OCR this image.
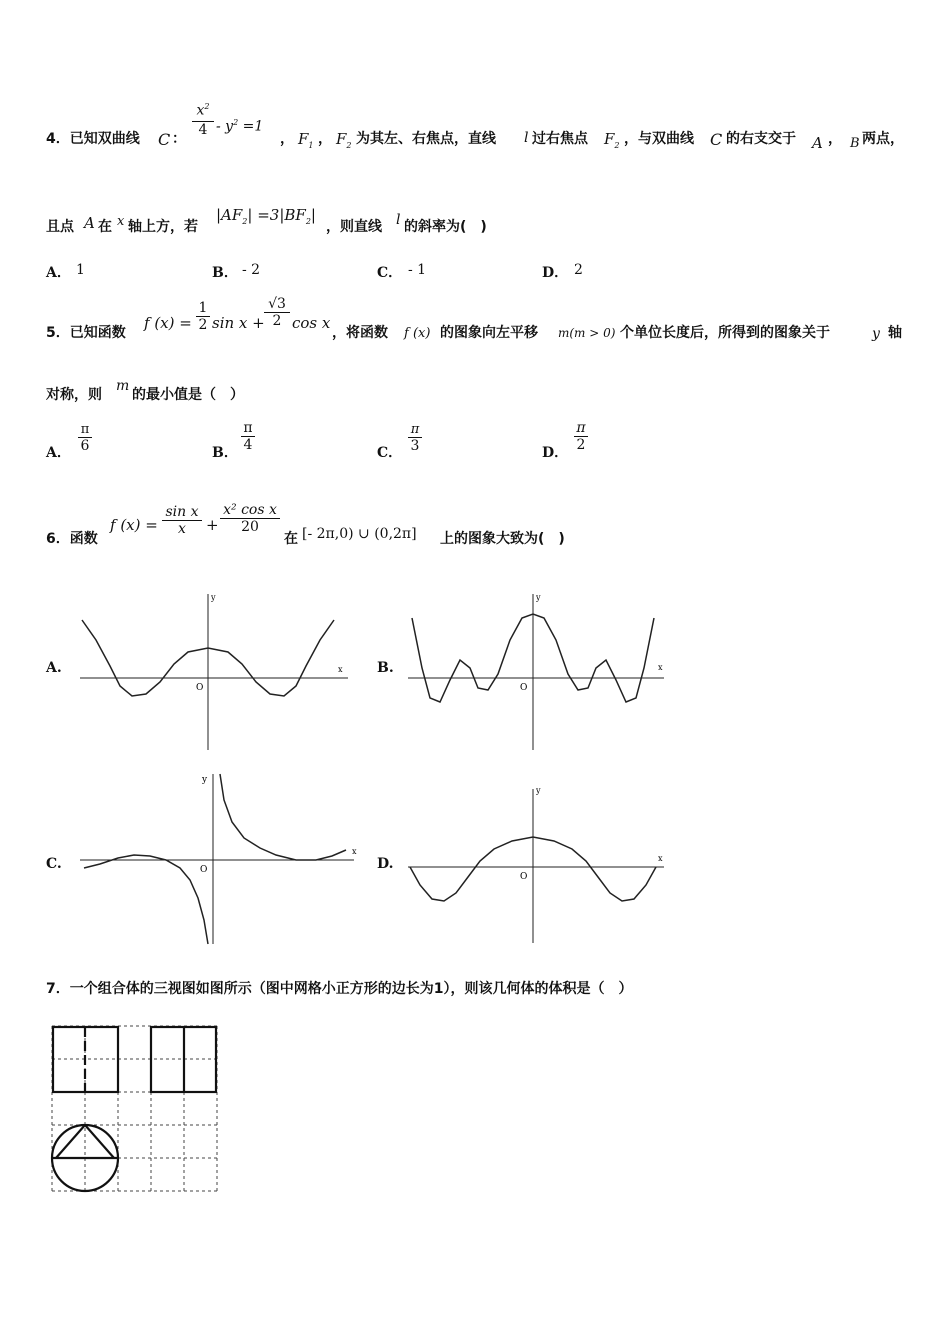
4．已知双曲线 C ：
$x^2$
$4 - y^2 =1$
， $F_1$ ， $F_2$ 为其左、右焦点，直线 l 过右焦点 $F_2$ ，与双曲线 C 的右支交于 A ， B 两点，
且点 A 在 x 轴上方，若
$|AF_2| =3|BF_2|$
，则直线 l 的斜率为(　)
A． 1	B． - 2	C． - 1	D． 2
5．已知函数
f (x) =
1
2 sin x +
√3
2 cos x
，将函数 f (x) 的图象向左平移 m(m > 0) 个单位长度后，所得到的图象关于	y 轴
对称，则
m
的最小值是（　）
A．
π
6	B．
π
4	C．
π
3	D．
π
2
6．函数
f (x) =
sin x
x	+
x² cos x
20
在 [- 2π,0) ∪ (0,2π] 上的图象大致为(　)
A.	B.
C.	D.
x
y
O
x
y
O
x
y
O
x
y
O
7．一个组合体的三视图如图所示（图中网格小正方形的边长为1），则该几何体的体积是（　）
